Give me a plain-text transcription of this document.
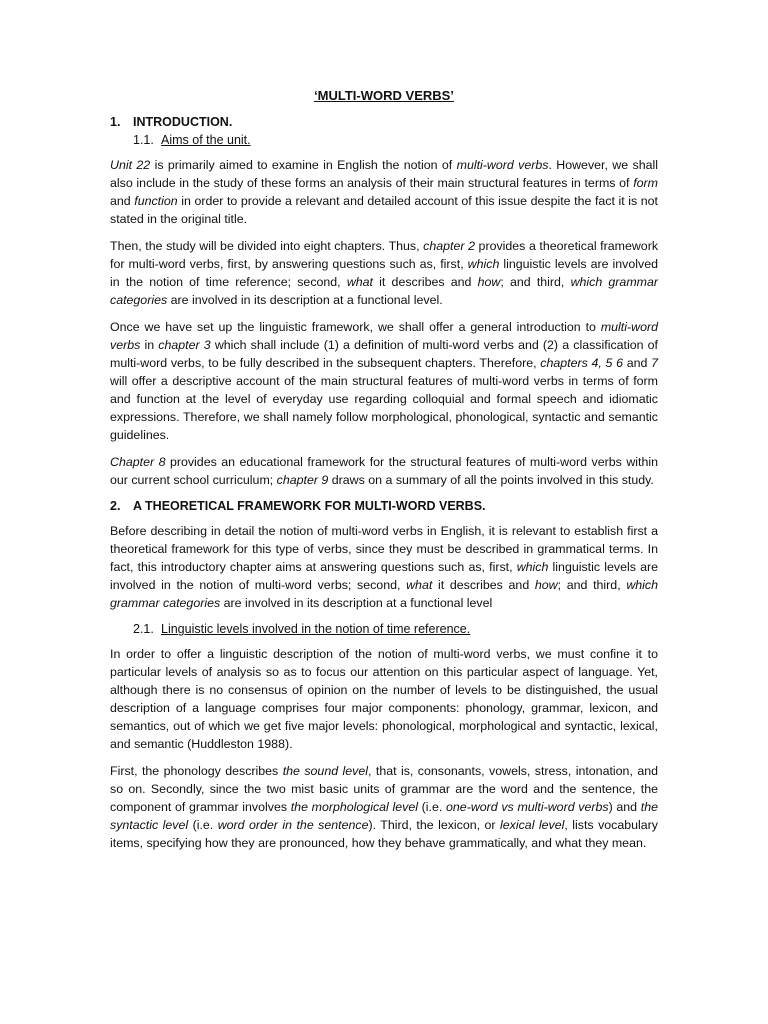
‘MULTI-WORD VERBS’
1.	INTRODUCTION.
1.1. Aims of the unit.

Unit 22 is primarily aimed to examine in English the notion of multi-word verbs. However, we shall also include in the study of these forms an analysis of their main structural features in terms of form and function in order to provide a relevant and detailed account of this issue despite the fact it is not stated in the original title.

Then, the study will be divided into eight chapters. Thus, chapter 2 provides a theoretical framework for multi-word verbs, first, by answering questions such as, first, which linguistic levels are involved in the notion of time reference; second, what it describes and how; and third, which grammar categories are involved in its description at a functional level.

Once we have set up the linguistic framework, we shall offer a general introduction to multi-word verbs in chapter 3 which shall include (1) a definition of multi-word verbs and (2) a classification of multi-word verbs, to be fully described in the subsequent chapters. Therefore, chapters 4, 5 6 and 7 will offer a descriptive account of the main structural features of multi-word verbs in terms of form and function at the level of everyday use regarding colloquial and formal speech and idiomatic expressions. Therefore, we shall namely follow morphological, phonological, syntactic and semantic guidelines.

Chapter 8 provides an educational framework for the structural features of multi-word verbs within our current school curriculum; chapter 9 draws on a summary of all the points involved in this study.

2.	A THEORETICAL FRAMEWORK FOR MULTI-WORD VERBS.

Before describing in detail the notion of multi-word verbs in English, it is relevant to establish first a theoretical framework for this type of verbs, since they must be described in grammatical terms. In fact, this introductory chapter aims at answering questions such as, first, which linguistic levels are involved in the notion of multi-word verbs; second, what it describes and how; and third, which grammar categories are involved in its description at a functional level

2.1. Linguistic levels involved in the notion of time reference.

In order to offer a linguistic description of the notion of multi-word verbs, we must confine it to particular levels of analysis so as to focus our attention on this particular aspect of language. Yet, although there is no consensus of opinion on the number of levels to be distinguished, the usual description of a language comprises four major components: phonology, grammar, lexicon, and semantics, out of which we get five major levels: phonological, morphological and syntactic, lexical, and semantic (Huddleston 1988).

First, the phonology describes the sound level, that is, consonants, vowels, stress, intonation, and so on. Secondly, since the two mist basic units of grammar are the word and the sentence, the component of grammar involves the morphological level (i.e. one-word vs multi-word verbs) and the syntactic level (i.e. word order in the sentence). Third, the lexicon, or lexical level, lists vocabulary items, specifying how they are pronounced, how they behave grammatically, and what they mean.
